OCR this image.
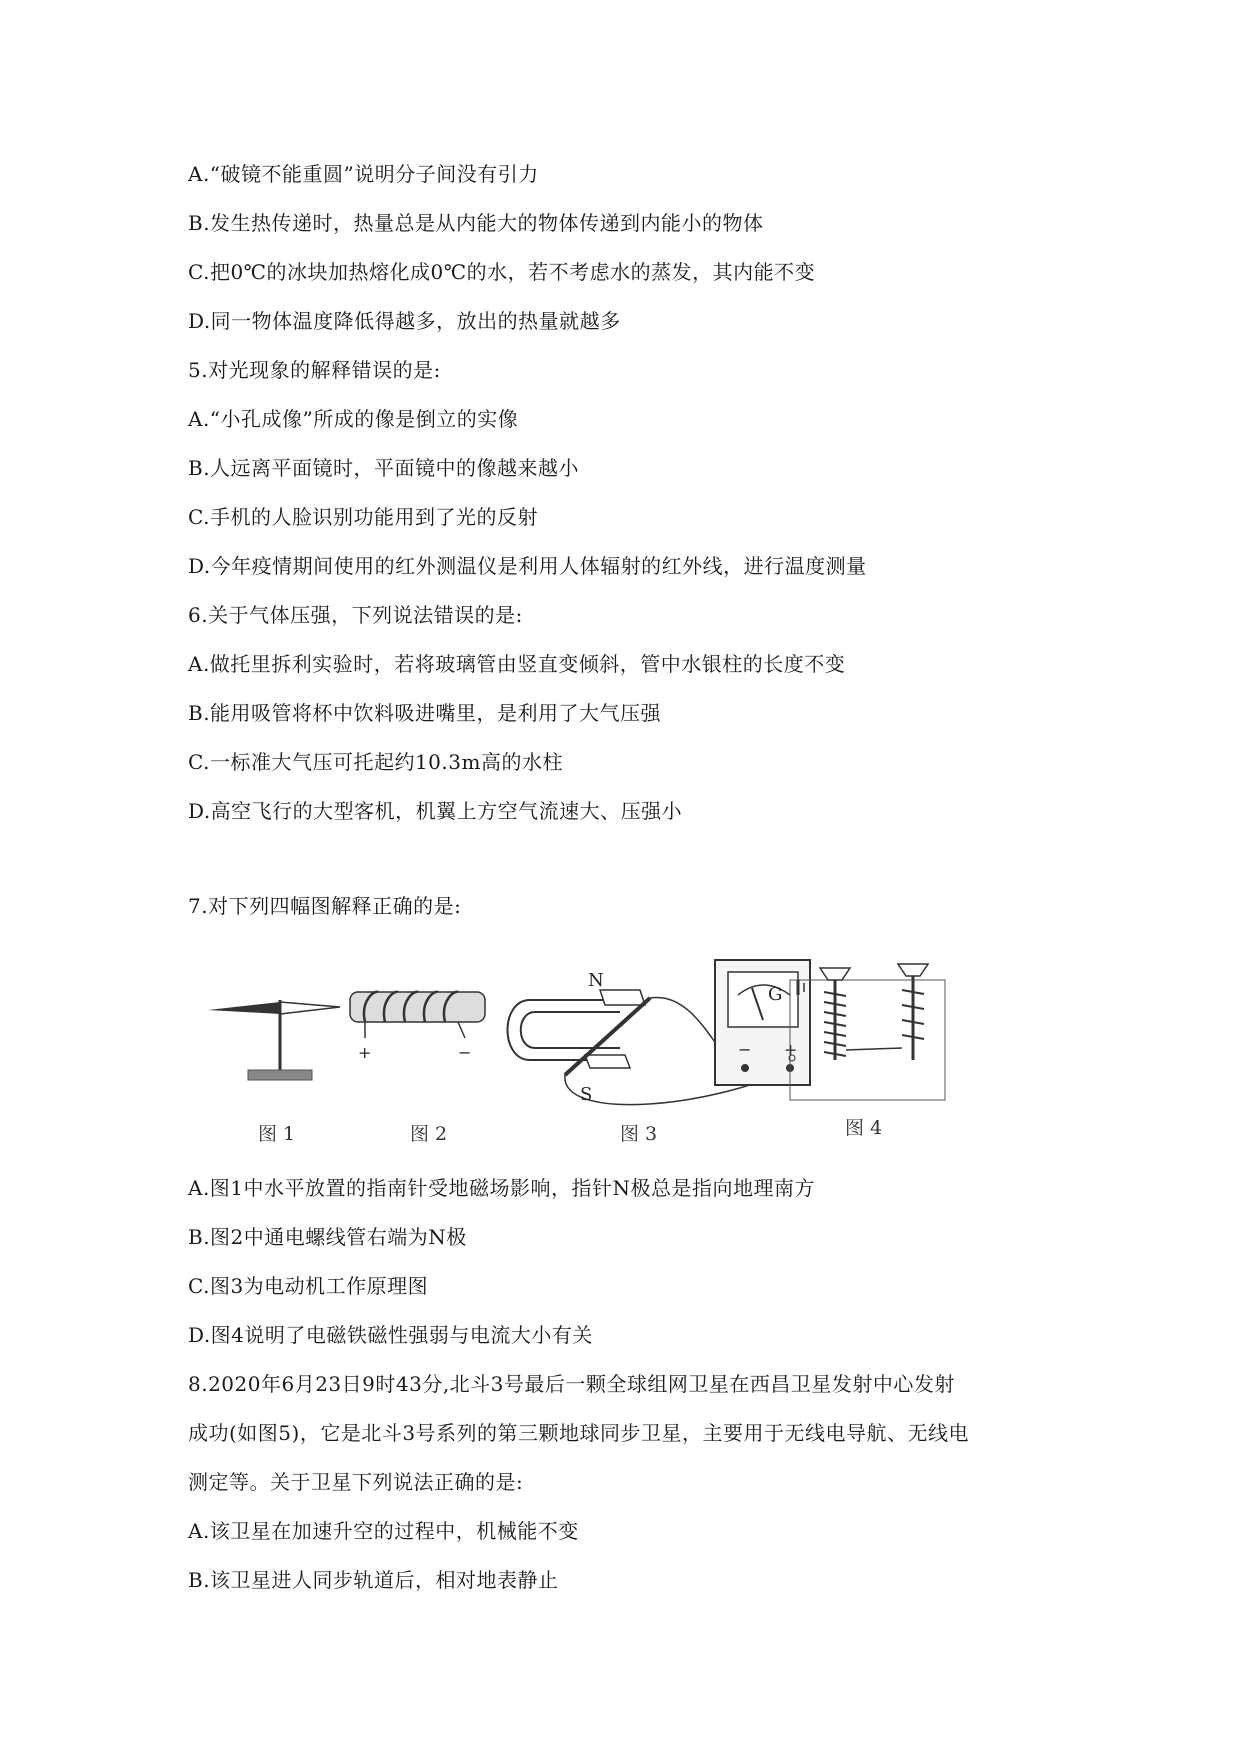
A.“破镜不能重圆”说明分子间没有引力
B.发生热传递时，热量总是从内能大的物体传递到内能小的物体
C.把0℃的冰块加热熔化成0℃的水，若不考虑水的蒸发，其内能不变
D.同一物体温度降低得越多，放出的热量就越多
5.对光现象的解释错误的是:
A.“小孔成像”所成的像是倒立的实像
B.人远离平面镜时，平面镜中的像越来越小
C.手机的人脸识别功能用到了光的反射
D.今年疫情期间使用的红外测温仪是利用人体辐射的红外线，进行温度测量
6.关于气体压强，下列说法错误的是:
A.做托里拆利实验时，若将玻璃管由竖直变倾斜，管中水银柱的长度不变
B.能用吸管将杯中饮料吸进嘴里，是利用了大气压强
C.一标准大气压可托起约10.3m高的水柱
D.高空飞行的大型客机，机翼上方空气流速大、压强小
7.对下列四幅图解释正确的是:
图 1
+	−
图 2
N
S
G
− +
图 3	图 4
A.图1中水平放置的指南针受地磁场影响，指针N极总是指向地理南方
B.图2中通电螺线管右端为N极
C.图3为电动机工作原理图
D.图4说明了电磁铁磁性强弱与电流大小有关
8.2020年6月23日9时43分,北斗3号最后一颗全球组网卫星在西昌卫星发射中心发射
成功(如图5)，它是北斗3号系列的第三颗地球同步卫星，主要用于无线电导航、无线电
测定等。关于卫星下列说法正确的是:
A.该卫星在加速升空的过程中，机械能不变
B.该卫星进人同步轨道后，相对地表静止
